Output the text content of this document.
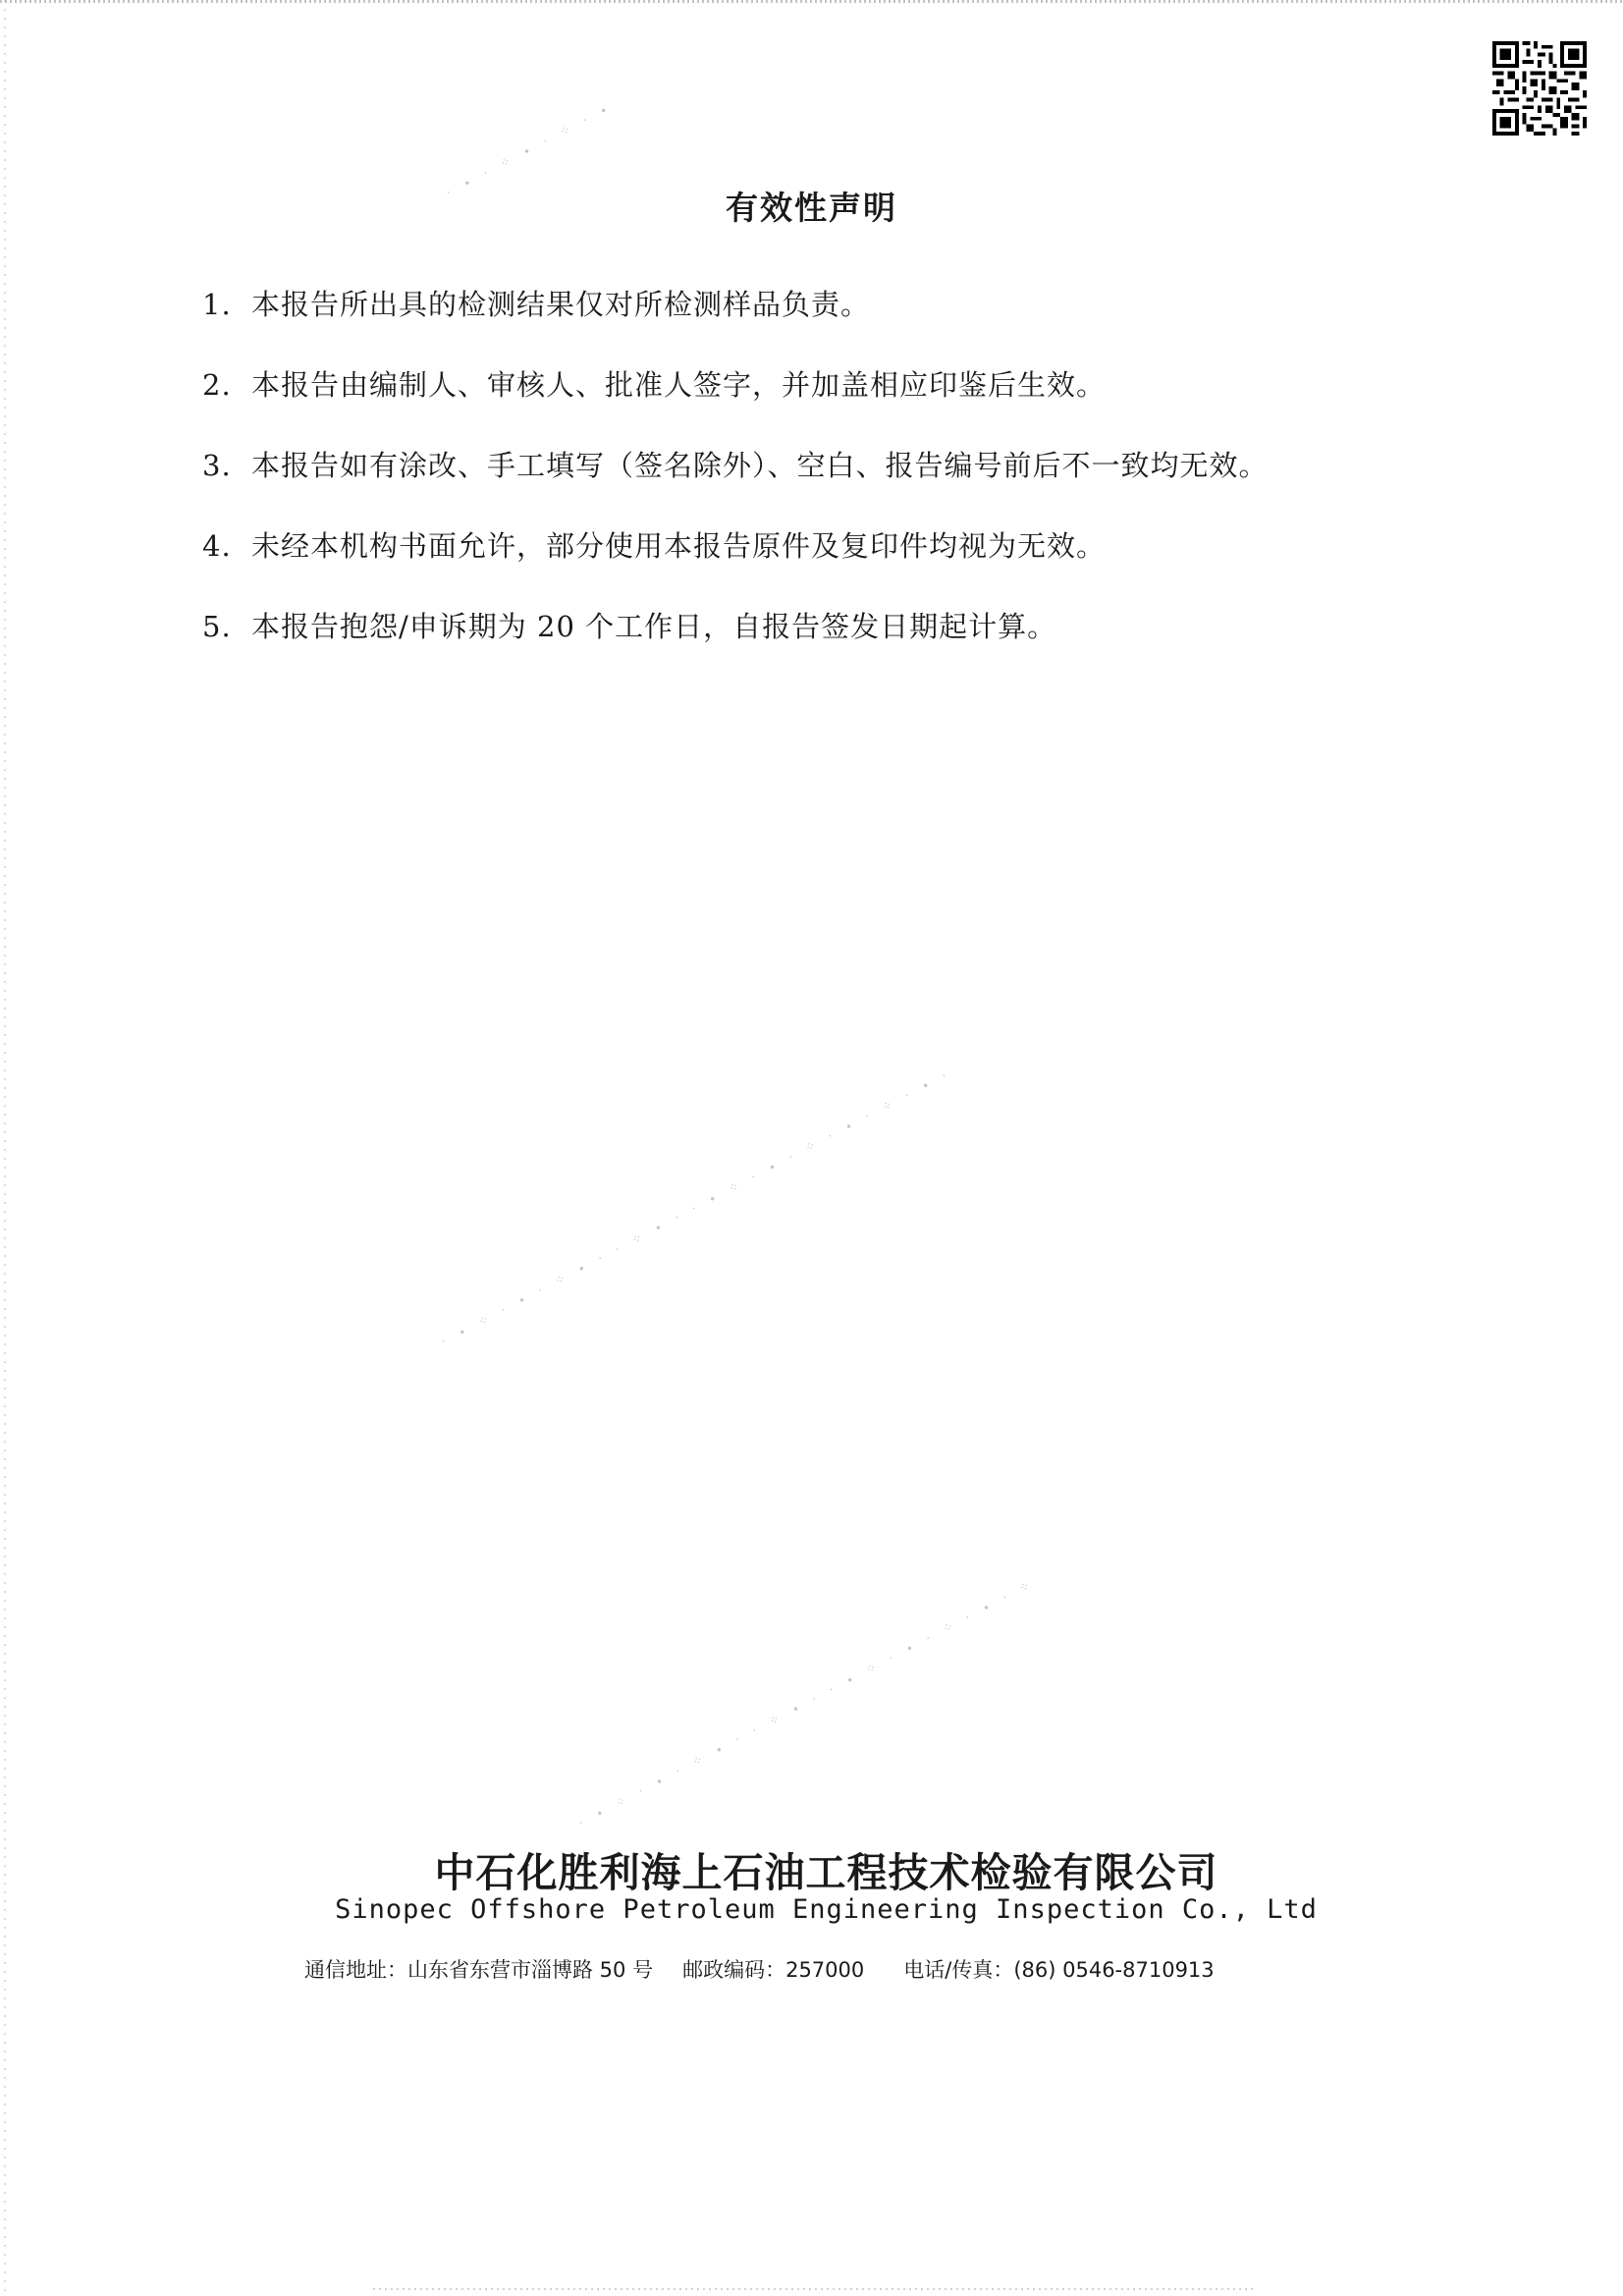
· ∙ · ⁘ ∙ · ⁘ · ∙
· ∙ ⁘ · ∙ · ⁘ ∙ · · ⁘ ∙ · · ∙ ⁘ · ∙ · ⁘ · ∙ · ⁘ · ∙ ·
· ∙ ⁘ · ∙ · ⁘ ∙ · · ⁘ ∙ · · ∙ ⁘ · ∙ · ⁘ · ∙ · ⁘
有效性声明
1. 本报告所出具的检测结果仅对所检测样品负责。
2. 本报告由编制人、审核人、批准人签字，并加盖相应印鉴后生效。
3. 本报告如有涂改、手工填写（签名除外）、空白、报告编号前后不一致均无效。
4. 未经本机构书面允许，部分使用本报告原件及复印件均视为无效。
5. 本报告抱怨/申诉期为 20 个工作日，自报告签发日期起计算。
中石化胜利海上石油工程技术检验有限公司
Sinopec Offshore Petroleum Engineering Inspection Co., Ltd
通信地址：山东省东营市淄博路 50 号 邮政编码：257000 电话/传真：(86) 0546-8710913
